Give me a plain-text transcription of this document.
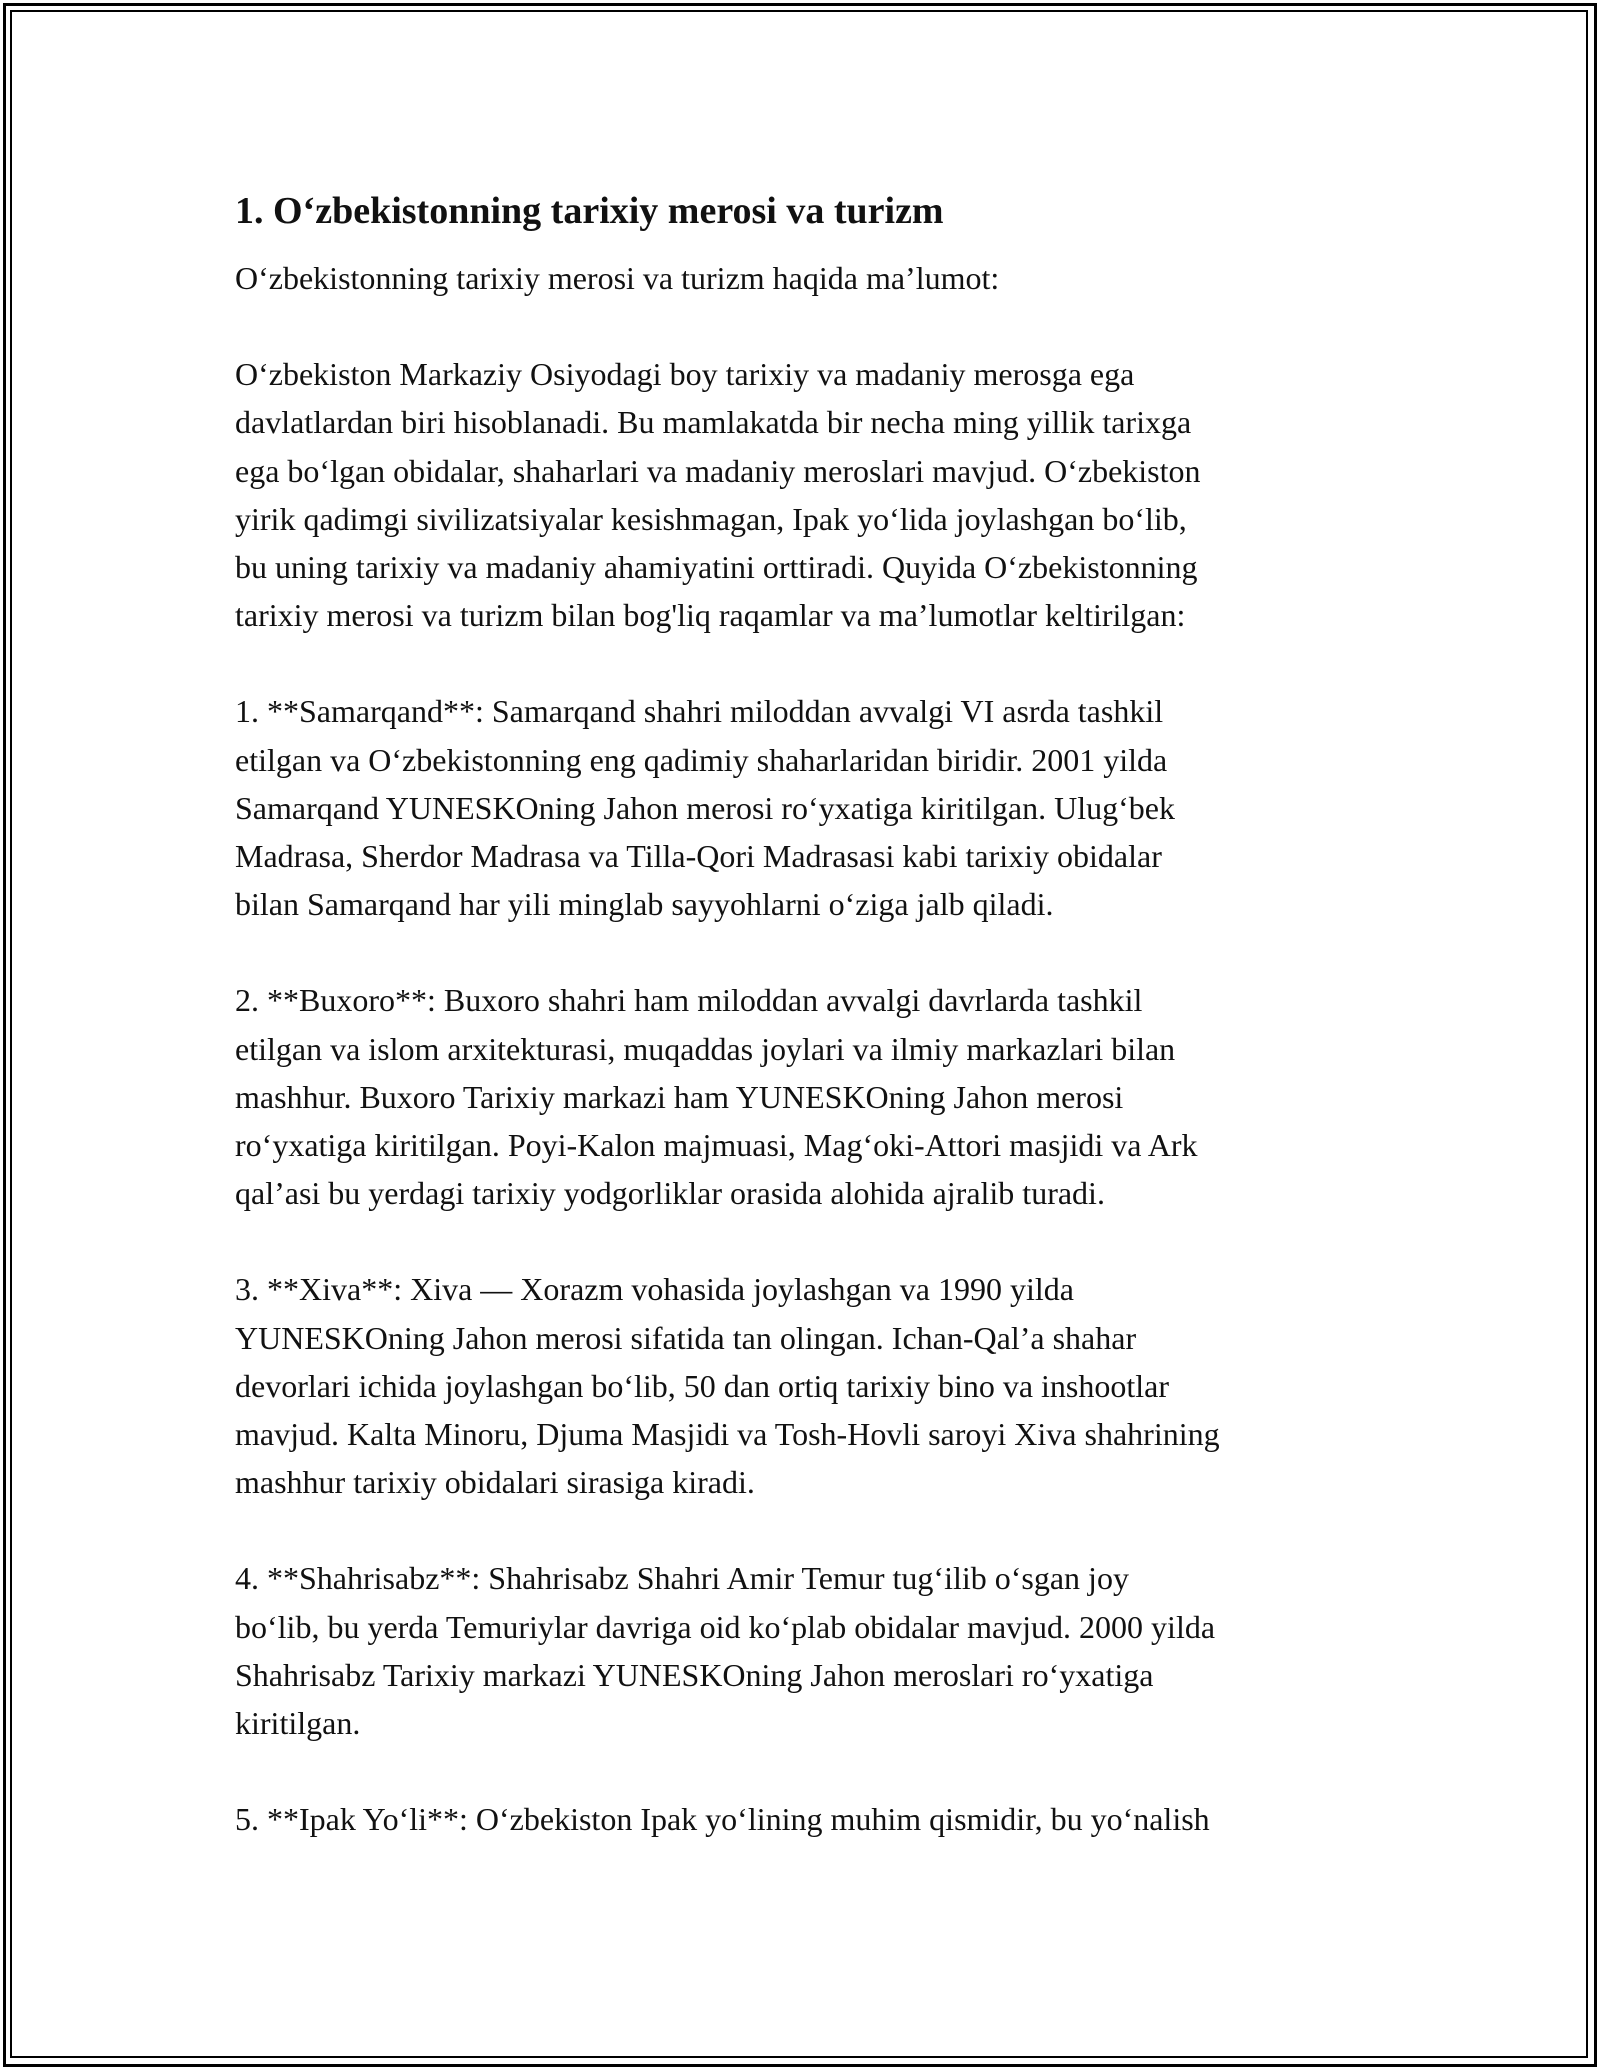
1. O‘zbekistonning tarixiy merosi va turizm
O‘zbekistonning tarixiy merosi va turizm haqida ma’lumot:
O‘zbekiston Markaziy Osiyodagi boy tarixiy va madaniy merosga ega
davlatlardan biri hisoblanadi. Bu mamlakatda bir necha ming yillik tarixga
ega bo‘lgan obidalar, shaharlari va madaniy meroslari mavjud. O‘zbekiston
yirik qadimgi sivilizatsiyalar kesishmagan, Ipak yo‘lida joylashgan bo‘lib,
bu uning tarixiy va madaniy ahamiyatini orttiradi. Quyida O‘zbekistonning
tarixiy merosi va turizm bilan bog'liq raqamlar va ma’lumotlar keltirilgan:
1. **Samarqand**: Samarqand shahri miloddan avvalgi VI asrda tashkil
etilgan va O‘zbekistonning eng qadimiy shaharlaridan biridir. 2001 yilda
Samarqand YUNESKOning Jahon merosi ro‘yxatiga kiritilgan. Ulug‘bek
Madrasa, Sherdor Madrasa va Tilla-Qori Madrasasi kabi tarixiy obidalar
bilan Samarqand har yili minglab sayyohlarni o‘ziga jalb qiladi.
2. **Buxoro**: Buxoro shahri ham miloddan avvalgi davrlarda tashkil
etilgan va islom arxitekturasi, muqaddas joylari va ilmiy markazlari bilan
mashhur. Buxoro Tarixiy markazi ham YUNESKOning Jahon merosi
ro‘yxatiga kiritilgan. Poyi-Kalon majmuasi, Mag‘oki-Attori masjidi va Ark
qal’asi bu yerdagi tarixiy yodgorliklar orasida alohida ajralib turadi.
3. **Xiva**: Xiva — Xorazm vohasida joylashgan va 1990 yilda
YUNESKOning Jahon merosi sifatida tan olingan. Ichan-Qal’a shahar
devorlari ichida joylashgan bo‘lib, 50 dan ortiq tarixiy bino va inshootlar
mavjud. Kalta Minoru, Djuma Masjidi va Tosh-Hovli saroyi Xiva shahrining
mashhur tarixiy obidalari sirasiga kiradi.
4. **Shahrisabz**: Shahrisabz Shahri Amir Temur tug‘ilib o‘sgan joy
bo‘lib, bu yerda Temuriylar davriga oid ko‘plab obidalar mavjud. 2000 yilda
Shahrisabz Tarixiy markazi YUNESKOning Jahon meroslari ro‘yxatiga
kiritilgan.
5. **Ipak Yo‘li**: O‘zbekiston Ipak yo‘lining muhim qismidir, bu yo‘nalish
